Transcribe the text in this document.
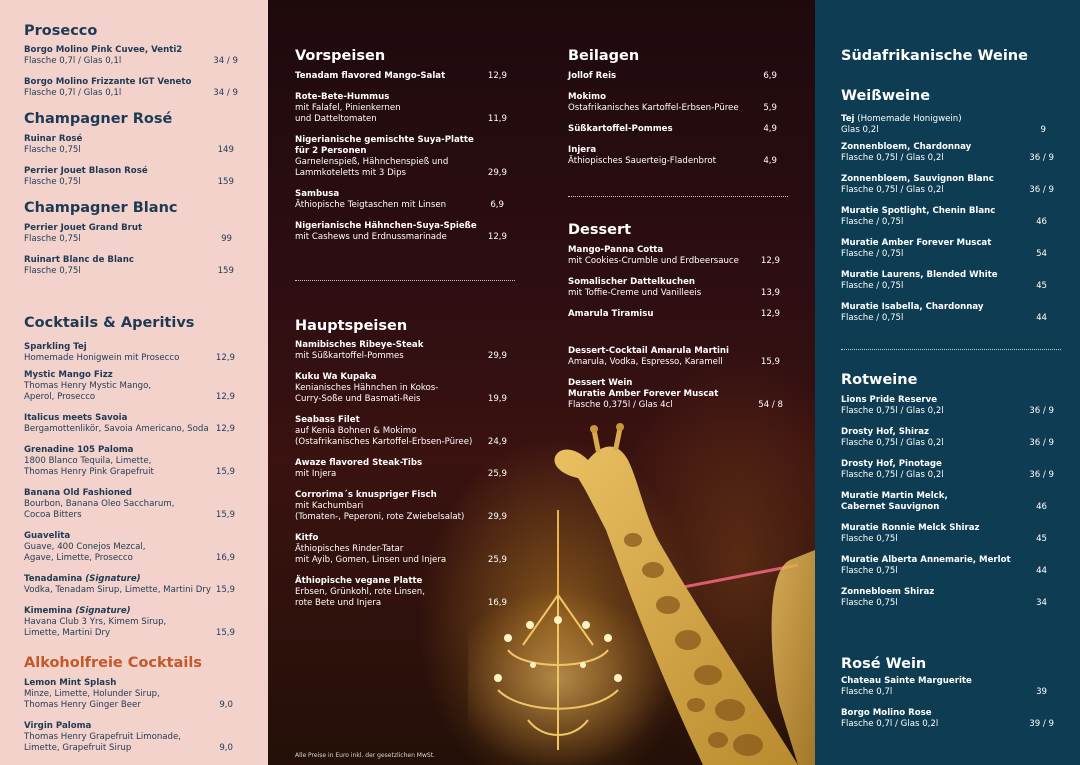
Prosecco
Borgo Molino Pink Cuvee, Venti2
Flasche 0,7l / Glas 0,1l	34 / 9
Borgo Molino Frizzante IGT Veneto
Flasche 0,7l / Glas 0,1l	34 / 9
Champagner Rosé
Ruinar Rosé
Flasche 0,75l	149
Perrier Jouet Blason Rosé
Flasche 0,75l	159
Champagner Blanc
Perrier Jouet Grand Brut
Flasche 0,75l	99
Ruinart Blanc de Blanc
Flasche 0,75l	159
Cocktails & Aperitivs
Sparkling Tej
Homemade Honigwein mit Prosecco	12,9
Mystic Mango Fizz
Thomas Henry Mystic Mango,
Aperol, Prosecco	12,9
Italicus meets Savoia
Bergamottenlikör, Savoia Americano, Soda 12,9
Grenadine 105 Paloma
1800 Blanco Tequila, Limette,
Thomas Henry Pink Grapefruit	15,9
Banana Old Fashioned
Bourbon, Banana Oleo Saccharum,
Cocoa Bitters	15,9
Guavelita
Guave, 400 Conejos Mezcal,
Agave, Limette, Prosecco	16,9
Tenadamina (Signature)
Vodka, Tenadam Sirup, Limette, Martini Dry 15,9
Kimemina (Signature)
Havana Club 3 Yrs, Kimem Sirup,
Limette, Martini Dry	15,9
Alkoholfreie Cocktails
Lemon Mint Splash
Minze, Limette, Holunder Sirup,
Thomas Henry Ginger Beer	9,0
Virgin Paloma
Thomas Henry Grapefruit Limonade,
Limette, Grapefruit Sirup	9,0
Vorspeisen
Tenadam flavored Mango-Salat	12,9
Rote-Bete-Hummus
mit Falafel, Pinienkernen
und Datteltomaten	11,9
Nigerianische gemischte Suya-Platte
für 2 Personen
Garnelenspieß, Hähnchenspieß und
Lammkoteletts mit 3 Dips	29,9
Sambusa
Äthiopische Teigtaschen mit Linsen	6,9
Nigerianische Hähnchen-Suya-Spieße
mit Cashews und Erdnussmarinade	12,9
Hauptspeisen
Namibisches Ribeye-Steak
mit Süßkartoffel-Pommes	29,9
Kuku Wa Kupaka
Kenianisches Hähnchen in Kokos-
Curry-Soße und Basmati-Reis	19,9
Seabass Filet
auf Kenia Bohnen & Mokimo
(Ostafrikanisches Kartoffel-Erbsen-Püree)	24,9
Awaze flavored Steak-Tibs
mit Injera	25,9
Corrorima´s knuspriger Fisch
mit Kachumbari
(Tomaten-, Peperoni, rote Zwiebelsalat)	29,9
Kitfo
Äthiopisches Rinder-Tatar
mit Ayib, Gomen, Linsen und Injera	25,9
Äthiopische vegane Platte
Erbsen, Grünkohl, rote Linsen,
rote Bete und Injera	16,9
Alle Preise in Euro inkl. der gesetzlichen MwSt.
Beilagen
Jollof Reis	6,9
Mokimo
Ostafrikanisches Kartoffel-Erbsen-Püree	5,9
Süßkartoffel-Pommes	4,9
Injera
Äthiopisches Sauerteig-Fladenbrot	4,9
Dessert
Mango-Panna Cotta
mit Cookies-Crumble und Erdbeersauce	12,9
Somalischer Dattelkuchen
mit Toffie-Creme und Vanilleeis	13,9
Amarula Tiramisu	12,9
Dessert-Cocktail Amarula Martini
Amarula, Vodka, Espresso, Karamell	15,9
Dessert Wein
Muratie Amber Forever Muscat
Flasche 0,375l / Glas 4cl	54 / 8
Südafrikanische Weine
Weißweine
Tej (Homemade Honigwein)
Glas 0,2l	9
Zonnenbloem, Chardonnay
Flasche 0,75l / Glas 0,2l	36 / 9
Zonnenbloem, Sauvignon Blanc
Flasche 0,75l / Glas 0,2l	36 / 9
Muratie Spotlight, Chenin Blanc
Flasche / 0,75l	46
Muratie Amber Forever Muscat
Flasche / 0,75l	54
Muratie Laurens, Blended White
Flasche / 0,75l	45
Muratie Isabella, Chardonnay
Flasche / 0,75l	44
Rotweine
Lions Pride Reserve
Flasche 0,75l / Glas 0,2l	36 / 9
Drosty Hof, Shiraz
Flasche 0,75l / Glas 0,2l	36 / 9
Drosty Hof, Pinotage
Flasche 0,75l / Glas 0,2l	36 / 9
Muratie Martin Melck,
Cabernet Sauvignon	46
Muratie Ronnie Melck Shiraz
Flasche 0,75l	45
Muratie Alberta Annemarie, Merlot
Flasche 0,75l	44
Zonnebloem Shiraz
Flasche 0,75l	34
Rosé Wein
Chateau Sainte Marguerite
Flasche 0,7l	39
Borgo Molino Rose
Flasche 0,7l / Glas 0,2l	39 / 9
